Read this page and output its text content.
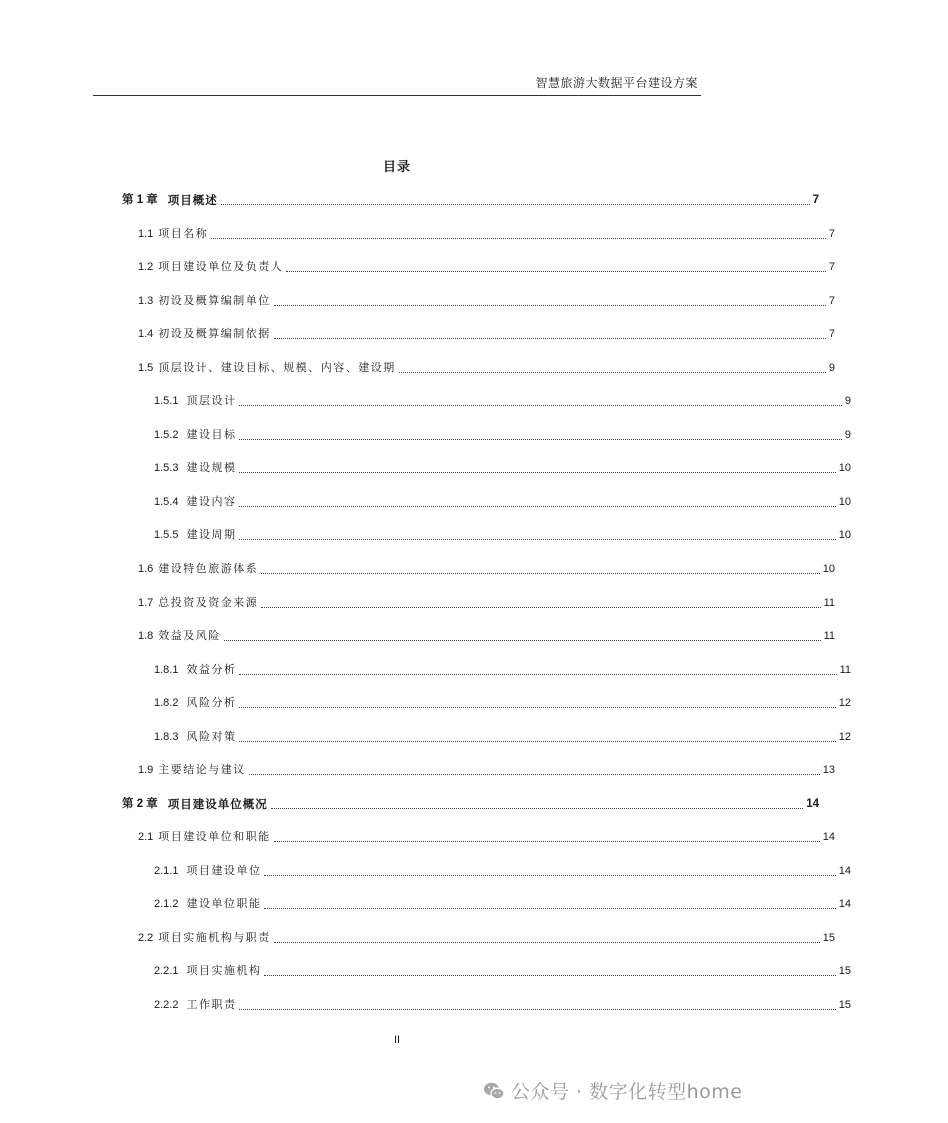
智慧旅游大数据平台建设方案
目录
第 1 章 项目概述	7
1.1 项目名称	7
1.2 项目建设单位及负责人	7
1.3 初设及概算编制单位	7
1.4 初设及概算编制依据	7
1.5 顶层设计、建设目标、规模、内容、建设期	9
1.5.1 顶层设计	9
1.5.2 建设目标	9
1.5.3 建设规模	10
1.5.4 建设内容	10
1.5.5 建设周期	10
1.6 建设特色旅游体系	10
1.7 总投资及资金来源	11
1.8 效益及风险	11
1.8.1 效益分析	11
1.8.2 风险分析	12
1.8.3 风险对策	12
1.9 主要结论与建议	13
第 2 章 项目建设单位概况	14
2.1 项目建设单位和职能	14
2.1.1 项目建设单位	14
2.1.2 建设单位职能	14
2.2 项目实施机构与职责	15
2.2.1 项目实施机构	15
2.2.2 工作职责	15
II
公众号 · 数字化转型home
